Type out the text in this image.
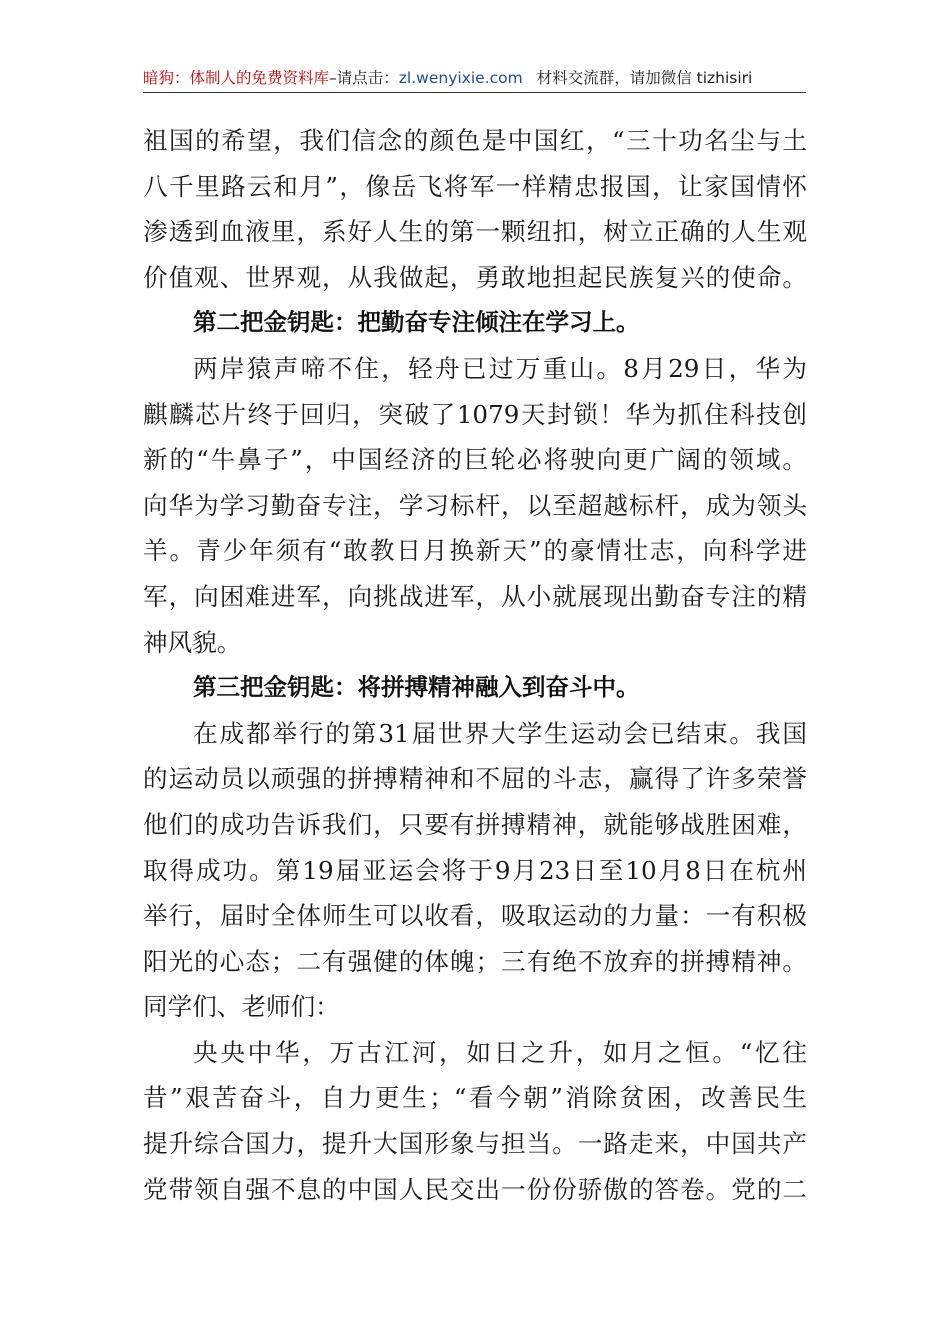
暗狗：体制人的免费资料库–请点击：zl.wenyixie.com 材料交流群，请加微信 tizhisiri
祖国的希望，我们信念的颜色是中国红，“三十功名尘与土
八千里路云和月”，像岳飞将军一样精忠报国，让家国情怀
渗透到血液里，系好人生的第一颗纽扣，树立正确的人生观
价值观、世界观，从我做起，勇敢地担起民族复兴的使命。
第二把金钥匙：把勤奋专注倾注在学习上。
两岸猿声啼不住，轻舟已过万重山。8月29日，华为
麒麟芯片终于回归，突破了1079天封锁！华为抓住科技创
新的“牛鼻子”，中国经济的巨轮必将驶向更广阔的领域。
向华为学习勤奋专注，学习标杆，以至超越标杆，成为领头
羊。青少年须有“敢教日月换新天”的豪情壮志，向科学进
军，向困难进军，向挑战进军，从小就展现出勤奋专注的精
神风貌。
第三把金钥匙：将拼搏精神融入到奋斗中。
在成都举行的第31届世界大学生运动会已结束。我国
的运动员以顽强的拼搏精神和不屈的斗志，赢得了许多荣誉
他们的成功告诉我们，只要有拼搏精神，就能够战胜困难，
取得成功。第19届亚运会将于9月23日至10月8日在杭州
举行，届时全体师生可以收看，吸取运动的力量：一有积极
阳光的心态；二有强健的体魄；三有绝不放弃的拼搏精神。
同学们、老师们：
央央中华，万古江河，如日之升，如月之恒。“忆往
昔”艰苦奋斗，自力更生；“看今朝”消除贫困，改善民生
提升综合国力，提升大国形象与担当。一路走来，中国共产
党带领自强不息的中国人民交出一份份骄傲的答卷。党的二
